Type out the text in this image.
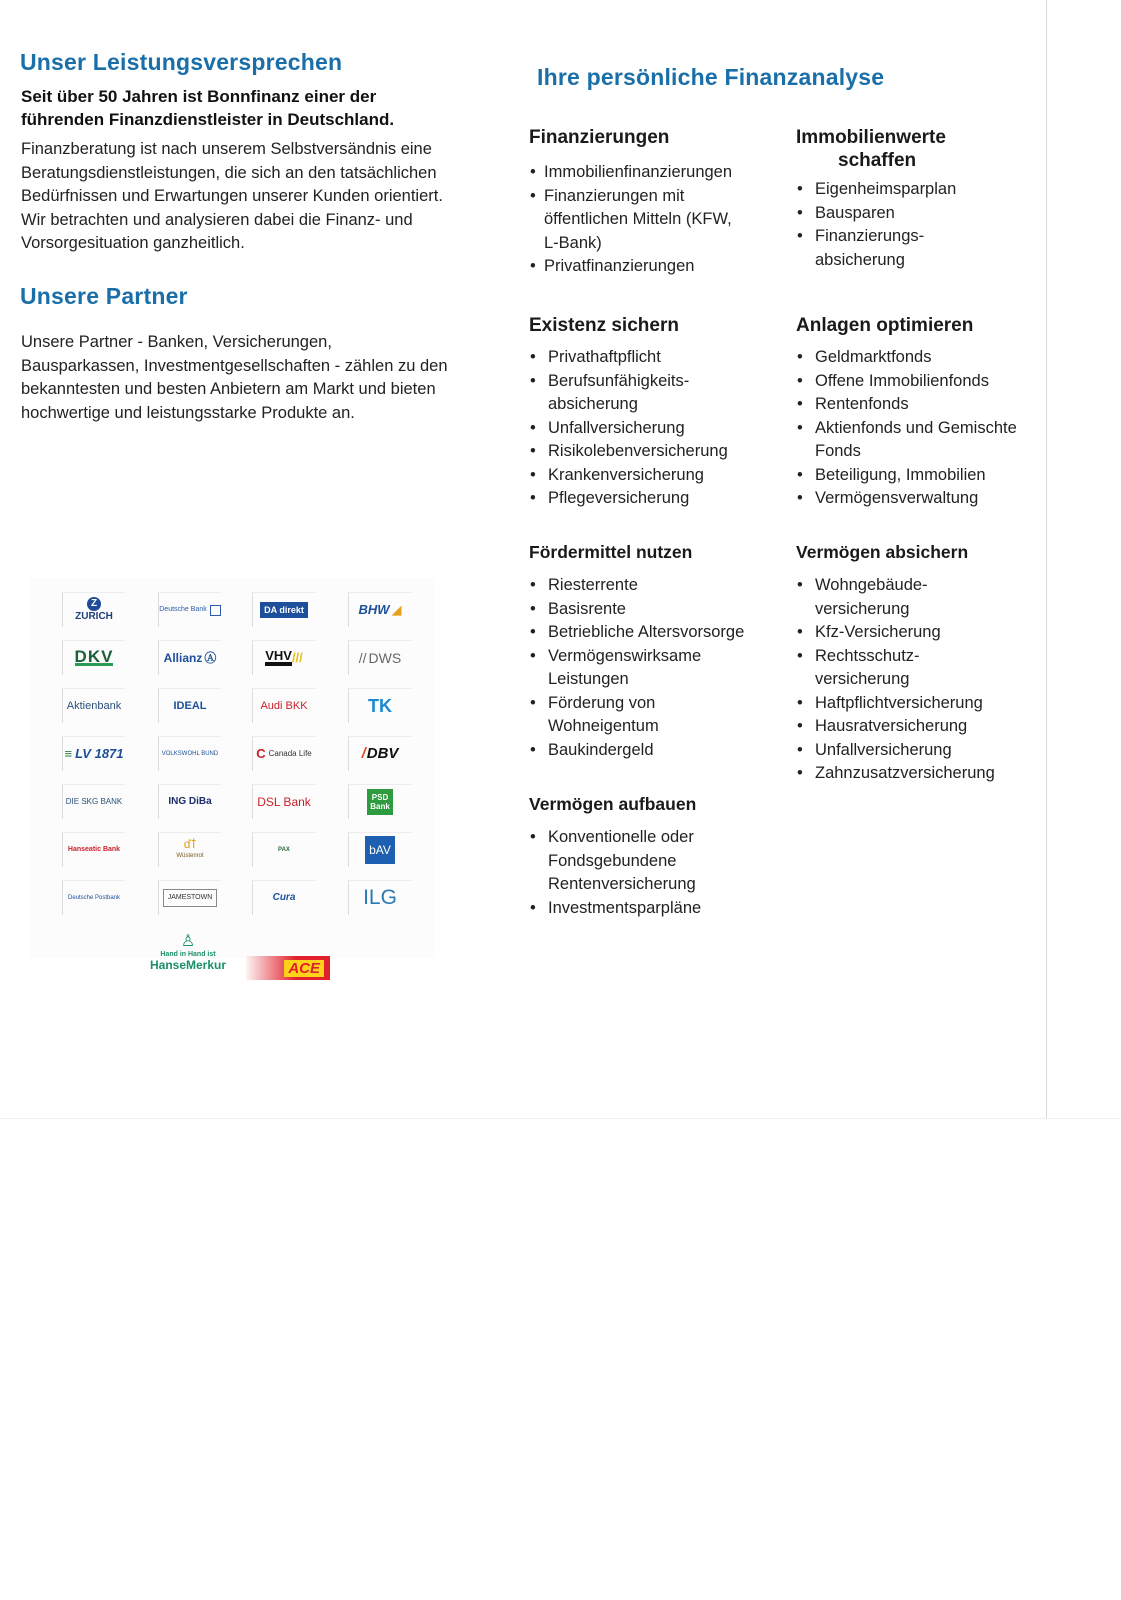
Unser Leistungsversprechen

Seit über 50 Jahren ist Bonnfinanz einer der

führenden Finanzdienstleister in Deutschland.

Finanzberatung ist nach unserem Selbstversändnis eine

Beratungsdienstleistungen, die sich an den tatsächlichen

Bedürfnissen und Erwartungen unserer Kunden orientiert.

Wir betrachten und analysieren dabei die Finanz- und

Vorsorgesituation ganzheitlich.

Unsere Partner

Unsere Partner - Banken, Versicherungen,

Bausparkassen, Investmentgesellschaften - zählen zu den

bekanntesten und besten Anbietern am Markt und bieten

hochwertige und leistungsstarke Produkte an.

Z
ZURICH
Deutsche Bank	DA direkt	BHW ◢
DKV	Allianz Ⓐ	VHV ///	// DWS
Aktienbank	IDEAL	Audi BKK	TK
≡ LV 1871	VOLKSWOHL BUND	C Canada Life	/ DBV
DIE SKG BANK	ING DiBa	DSL Bank	PSD Bank
Hanseatic Bank	ďꝉ
Wüstenrot
PAX	bAV
Deutsche Postbank	JAMESTOWN	Cura	ILG
♙
Hand in Hand ist
HanseMerkur	ACE
Ihre persönliche Finanzanalyse
Finanzierungen
• Immobilienfinanzierungen
• Finanzierungen mit öffentlichen Mitteln (KFW, L-Bank)
• Privatfinanzierungen
Immobilienwerte
schaffen
• Eigenheimsparplan
• Bausparen
• Finanzierungs-absicherung
Existenz sichern
• Privathaftpflicht
• Berufsunfähigkeits-absicherung
• Unfallversicherung
• Risikolebenversicherung
• Krankenversicherung
• Pflegeversicherung
Anlagen optimieren
• Geldmarktfonds
• Offene Immobilienfonds
• Rentenfonds
• Aktienfonds und Gemischte Fonds
• Beteiligung, Immobilien
• Vermögensverwaltung
Fördermittel nutzen
• Riesterrente
• Basisrente
• Betriebliche Altersvorsorge
• Vermögenswirksame Leistungen
• Förderung von Wohneigentum
• Baukindergeld
Vermögen absichern
• Wohngebäude-versicherung
• Kfz-Versicherung
• Rechtsschutz-versicherung
• Haftpflichtversicherung
• Hausratversicherung
• Unfallversicherung
• Zahnzusatzversicherung
Vermögen aufbauen
• Konventionelle oder Fondsgebundene Rentenversicherung
• Investmentsparpläne
